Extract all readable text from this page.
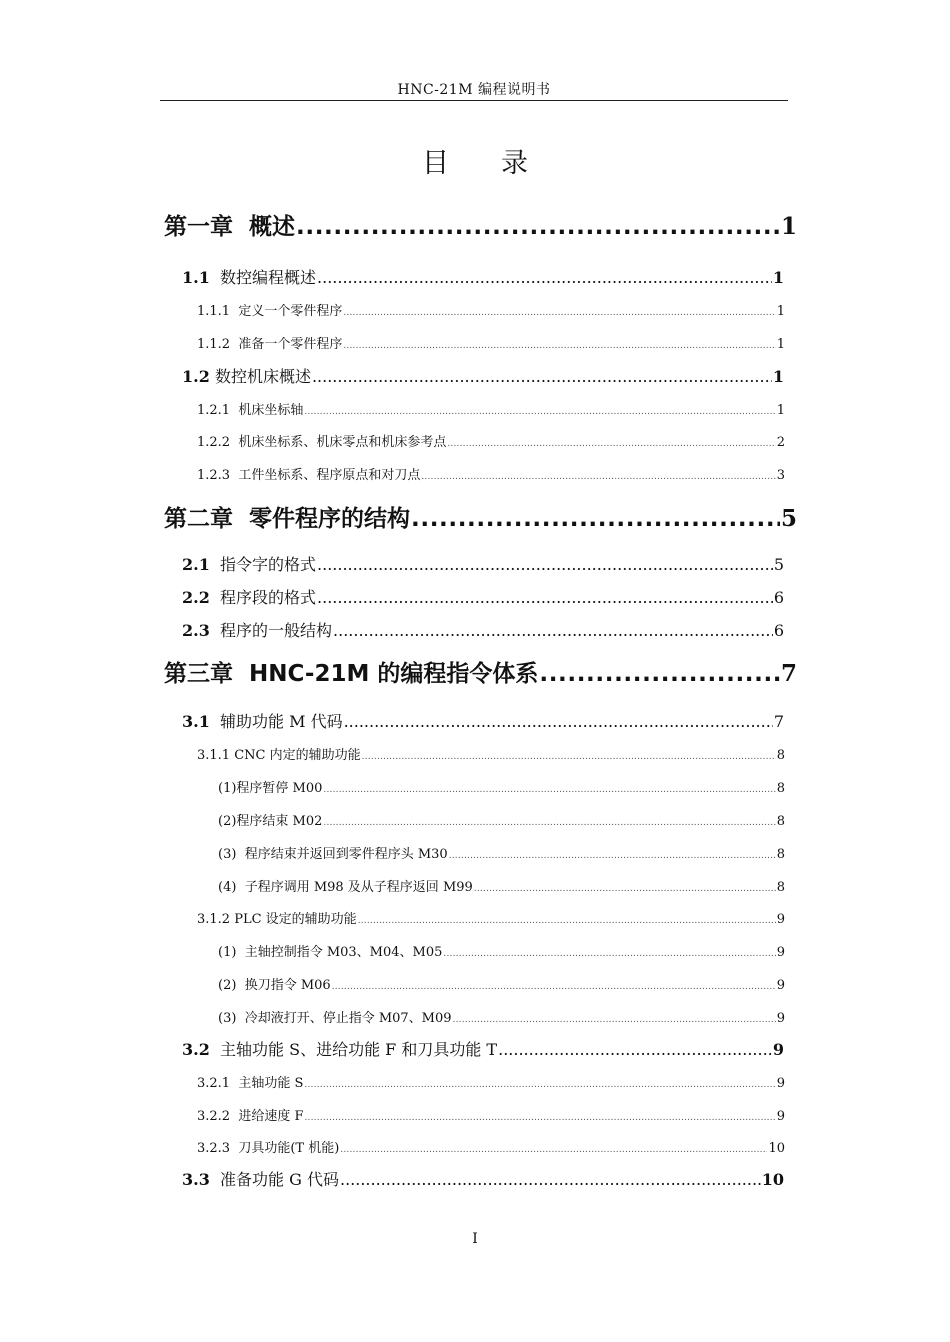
HNC-21M 编程说明书
目录
第一章 概述 .....	1
1.1 数控编程概述 .....	1
1.1.1 定义一个零件程序 .....	1
1.1.2 准备一个零件程序 .....	1
1.2 数控机床概述 .....	1
1.2.1 机床坐标轴 .....	1
1.2.2 机床坐标系、机床零点和机床参考点 .....	2
1.2.3 工件坐标系、程序原点和对刀点 .....	3
第二章 零件程序的结构 .....	5
2.1 指令字的格式 .....	5
2.2 程序段的格式 .....	6
2.3 程序的一般结构 .....	6
第三章 HNC-21M 的编程指令体系 .....	7
3.1 辅助功能 M 代码 .....	7
3.1.1 CNC 内定的辅助功能 .....	8
(1)程序暂停 M00 .....	8
(2)程序结束 M02 .....	8
(3) 程序结束并返回到零件程序头 M30 .....	8
(4) 子程序调用 M98 及从子程序返回 M99 .....	8
3.1.2 PLC 设定的辅助功能 .....	9
(1) 主轴控制指令 M03、M04、M05 .....	9
(2) 换刀指令 M06 .....	9
(3) 冷却液打开、停止指令 M07、M09 .....	9
3.2 主轴功能 S、进给功能 F 和刀具功能 T .....	9
3.2.1 主轴功能 S .....	9
3.2.2 进给速度 F .....	9
3.2.3 刀具功能(T 机能) .....	10
3.3 准备功能 G 代码 .....	10
I
